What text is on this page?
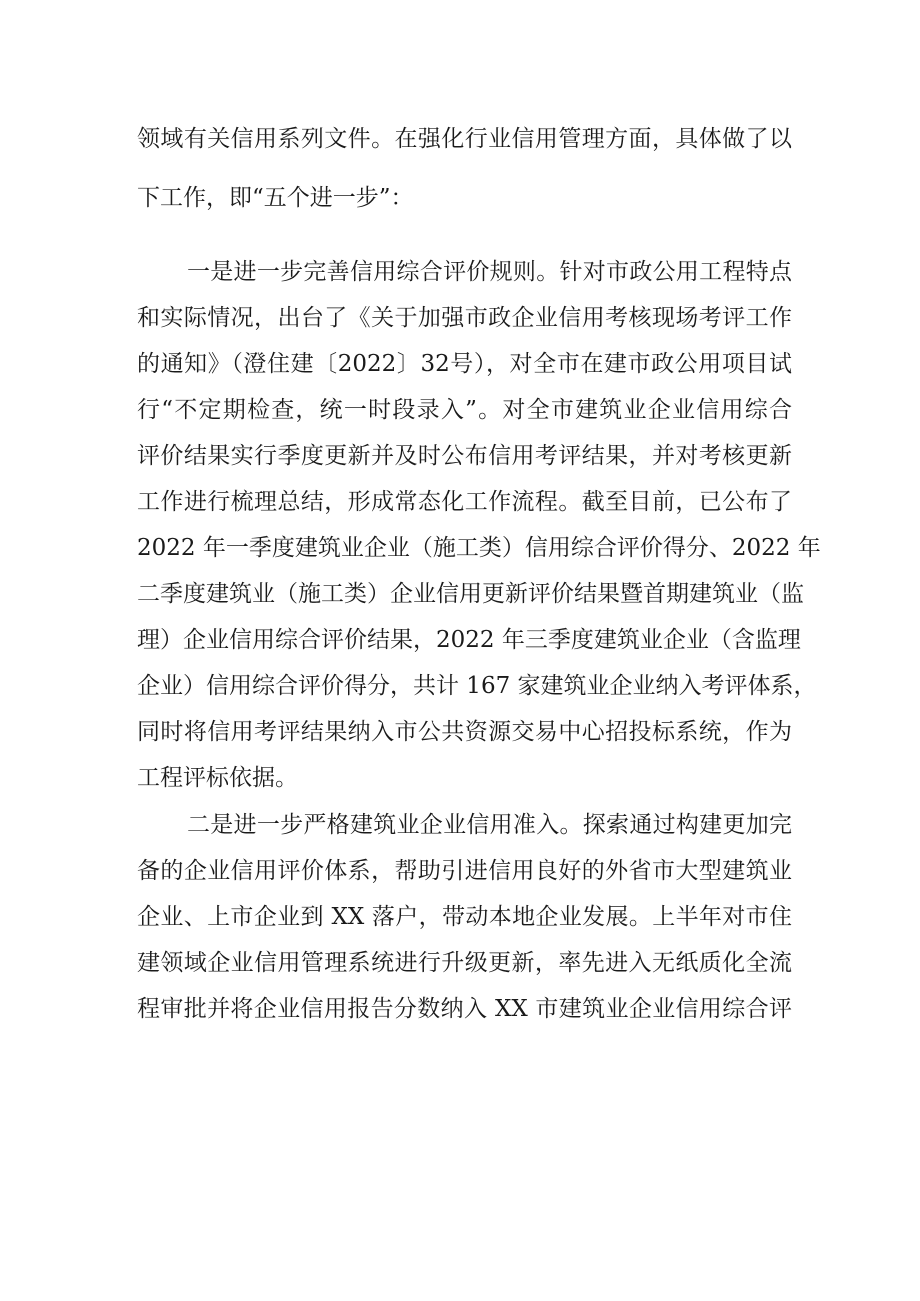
领域有关信用系列文件。在强化行业信用管理方面，具体做了以
下工作，即“五个进一步”：
一是进一步完善信用综合评价规则。针对市政公用工程特点
和实际情况，出台了《关于加强市政企业信用考核现场考评工作
的通知》（澄住建〔2022〕32号），对全市在建市政公用项目试
行“不定期检查，统一时段录入”。对全市建筑业企业信用综合
评价结果实行季度更新并及时公布信用考评结果，并对考核更新
工作进行梳理总结，形成常态化工作流程。截至目前，已公布了
2022 年一季度建筑业企业（施工类）信用综合评价得分、2022 年
二季度建筑业（施工类）企业信用更新评价结果暨首期建筑业（监
理）企业信用综合评价结果，2022 年三季度建筑业企业（含监理
企业）信用综合评价得分，共计 167 家建筑业企业纳入考评体系，
同时将信用考评结果纳入市公共资源交易中心招投标系统，作为
工程评标依据。
二是进一步严格建筑业企业信用准入。探索通过构建更加完
备的企业信用评价体系，帮助引进信用良好的外省市大型建筑业
企业、上市企业到 XX 落户，带动本地企业发展。上半年对市住
建领域企业信用管理系统进行升级更新，率先进入无纸质化全流
程审批并将企业信用报告分数纳入 XX 市建筑业企业信用综合评
